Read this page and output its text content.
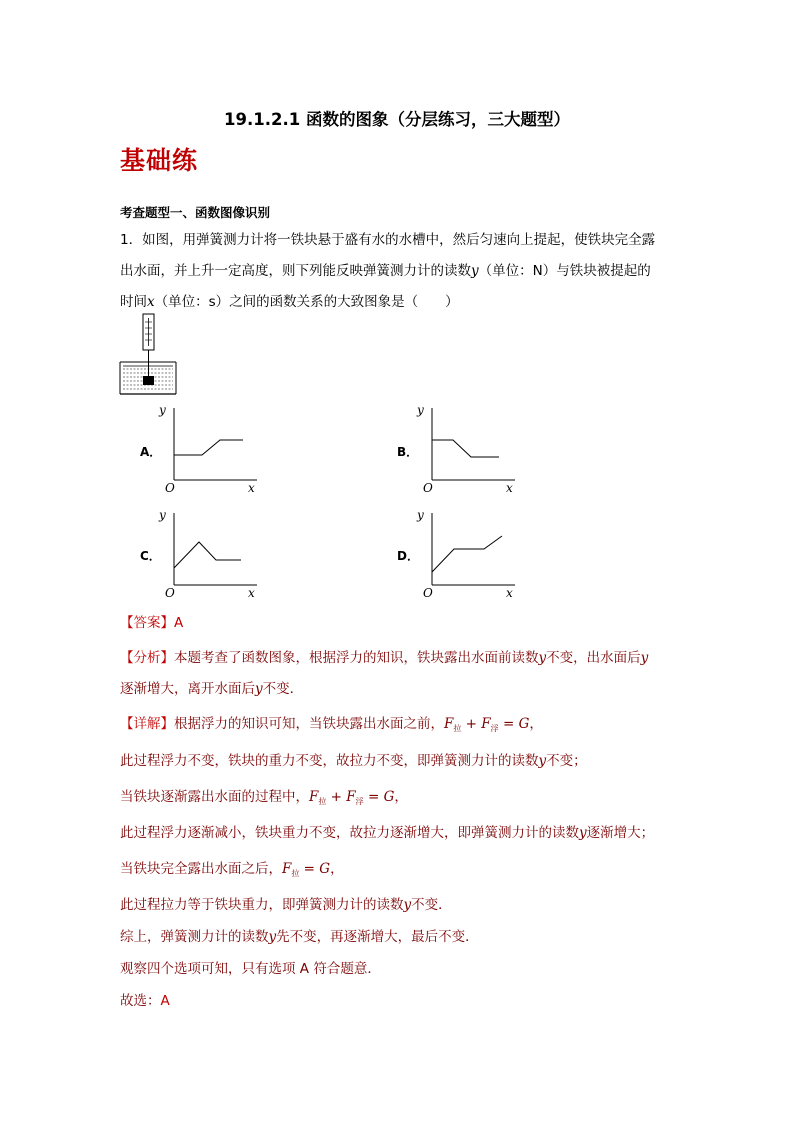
19.1.2.1 函数的图象（分层练习，三大题型）
基础练
考查题型一、函数图像识别
1．如图，用弹簧测力计将一铁块悬于盛有水的水槽中，然后匀速向上提起，使铁块完全露
出水面，并上升一定高度，则下列能反映弹簧测力计的读数y（单位：N）与铁块被提起的
时间x（单位：s）之间的函数关系的大致图象是（　　）
A．
y
O	x
B．
y
O	x
C．
y
O	x
D．
y
O	x
【答案】A
【分析】本题考查了函数图象，根据浮力的知识，铁块露出水面前读数y不变，出水面后y
逐渐增大，离开水面后y不变．
【详解】根据浮力的知识可知，当铁块露出水面之前，$F_拉 + F_浮 = G$，
此过程浮力不变，铁块的重力不变，故拉力不变，即弹簧测力计的读数y不变；
当铁块逐渐露出水面的过程中，$F_拉 + F_浮 = G$，
此过程浮力逐渐减小，铁块重力不变，故拉力逐渐增大，即弹簧测力计的读数y逐渐增大；
当铁块完全露出水面之后，$F_拉 = G$，
此过程拉力等于铁块重力，即弹簧测力计的读数y不变．
综上，弹簧测力计的读数y先不变，再逐渐增大，最后不变．
观察四个选项可知，只有选项 A 符合题意．
故选：A
